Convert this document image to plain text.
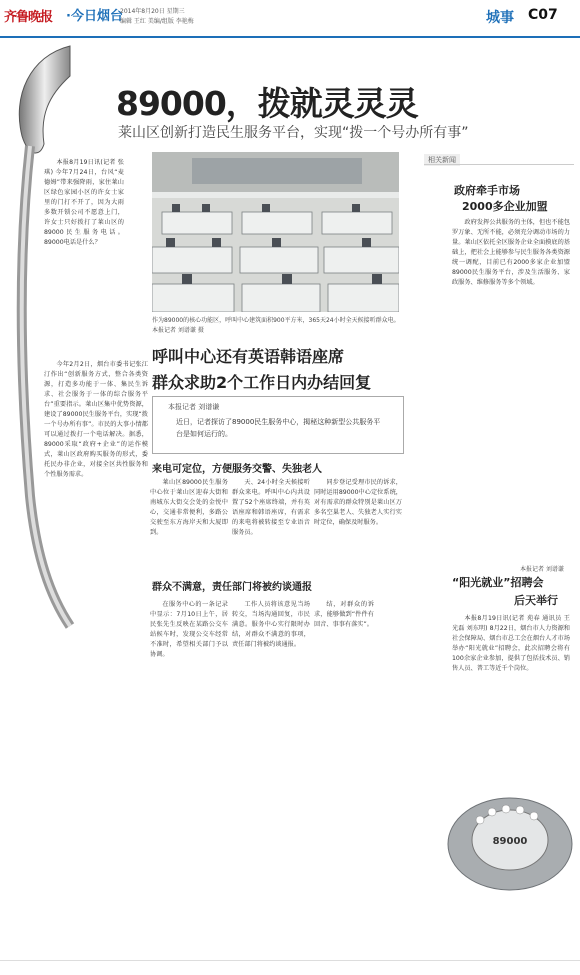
齐鲁晚报 ·今日烟台
2014年8月20日 星期三
编辑 王红 美编/组版 李艳梅	城事 C07
89000，拨就灵灵灵
莱山区创新打造民生服务平台，实现“拨一个号办所有事”

本报8月19日讯(记者 张琪) 今年7月24日，台风“麦德姆”带来强降雨，家住莱山区绿色家园小区的许女士家里的门打不开了，因为大雨多数开锁公司不愿意上门，许女士只好拨打了莱山区的89000民生服务电话。89000电话是什么？

今年2月2日，烟台市委书记张江汀作出“创新服务方式，整合各类资源，打造多功能于一体、集民生诉求、社会服务于一体的综合服务平台”重要指示。莱山区集中优势资源，建设了89000民生服务平台，实现“拨一个号办所有事”。市民的大事小情都可以通过拨打一个电话解决。据悉，89000采取“政府+企业”的运作模式，莱山区政府购买服务的形式，委托民办非企业，对接全区共性服务和个性服务需求。

作为89000的核心功能区，呼叫中心建筑面积900平方米，365天24小时全天候接听群众电。 本报记者 刘谱谦 摄
呼叫中心还有英语韩语座席
群众求助2个工作日内办结回复
本报记者 刘谱谦
近日，记者探访了89000民生服务中心，揭秘这种新型公共服务平台是如何运行的。
来电可定位，方便服务交警、失独老人

莱山区89000民生服务中心位于莱山区迎春大街和南城东大街交会处的金悦中心，交通非常便利，多路公交驶至东方海岸天和大厦即到。

天、24小时全天候接听群众来电。呼叫中心内共设置了52个座席终端，并有英语座席和韩语座席，有需求的来电将被转接至专业语音服务员。

同步登记受理市民的诉求，同时运用89000中心定位系统，对有需求的群众特别是莱山区万多名空巢老人、失独老人实行实时定位，确保及时服务。

群众不满意，责任部门将被约谈通报

在服务中心的一条记录中显示：7月10日上午，居民张先生反映在某路公交车站候车时，发现公交车经常不准时，希望相关部门予以协调。

工作人员将该意见当场转交，当场沟通回复，市民满意。服务中心实行限时办结，对群众不满意的事项，责任部门将被约谈通报。

结，对群众的诉求，能够做到“件件有回音、事事有落实”。

相关新闻
政府牵手市场
2000多企业加盟

政府发挥公共服务的主体，但也不能包罗万象、无所不能，必须充分调动市场的力量。莱山区依托全区服务企业全面摸底的基础上，把社会上能够参与民生服务各类资源统一调配，目前已有2000多家企业加盟89000民生服务平台，涉及生活服务、家政服务、维修服务等多个领域。

本报记者 刘谱谦
“阳光就业”招聘会
后天举行

本报8月19日讯(记者 苑春 通讯员 王光磊 刘东明) 8月22日，烟台市人力资源和社会保障局、烟台市总工会在烟台人才市场举办“阳光就业”招聘会，此次招聘会将有100余家企业参加，提供了包括技术员、销售人员、普工等近千个岗位。

89000
